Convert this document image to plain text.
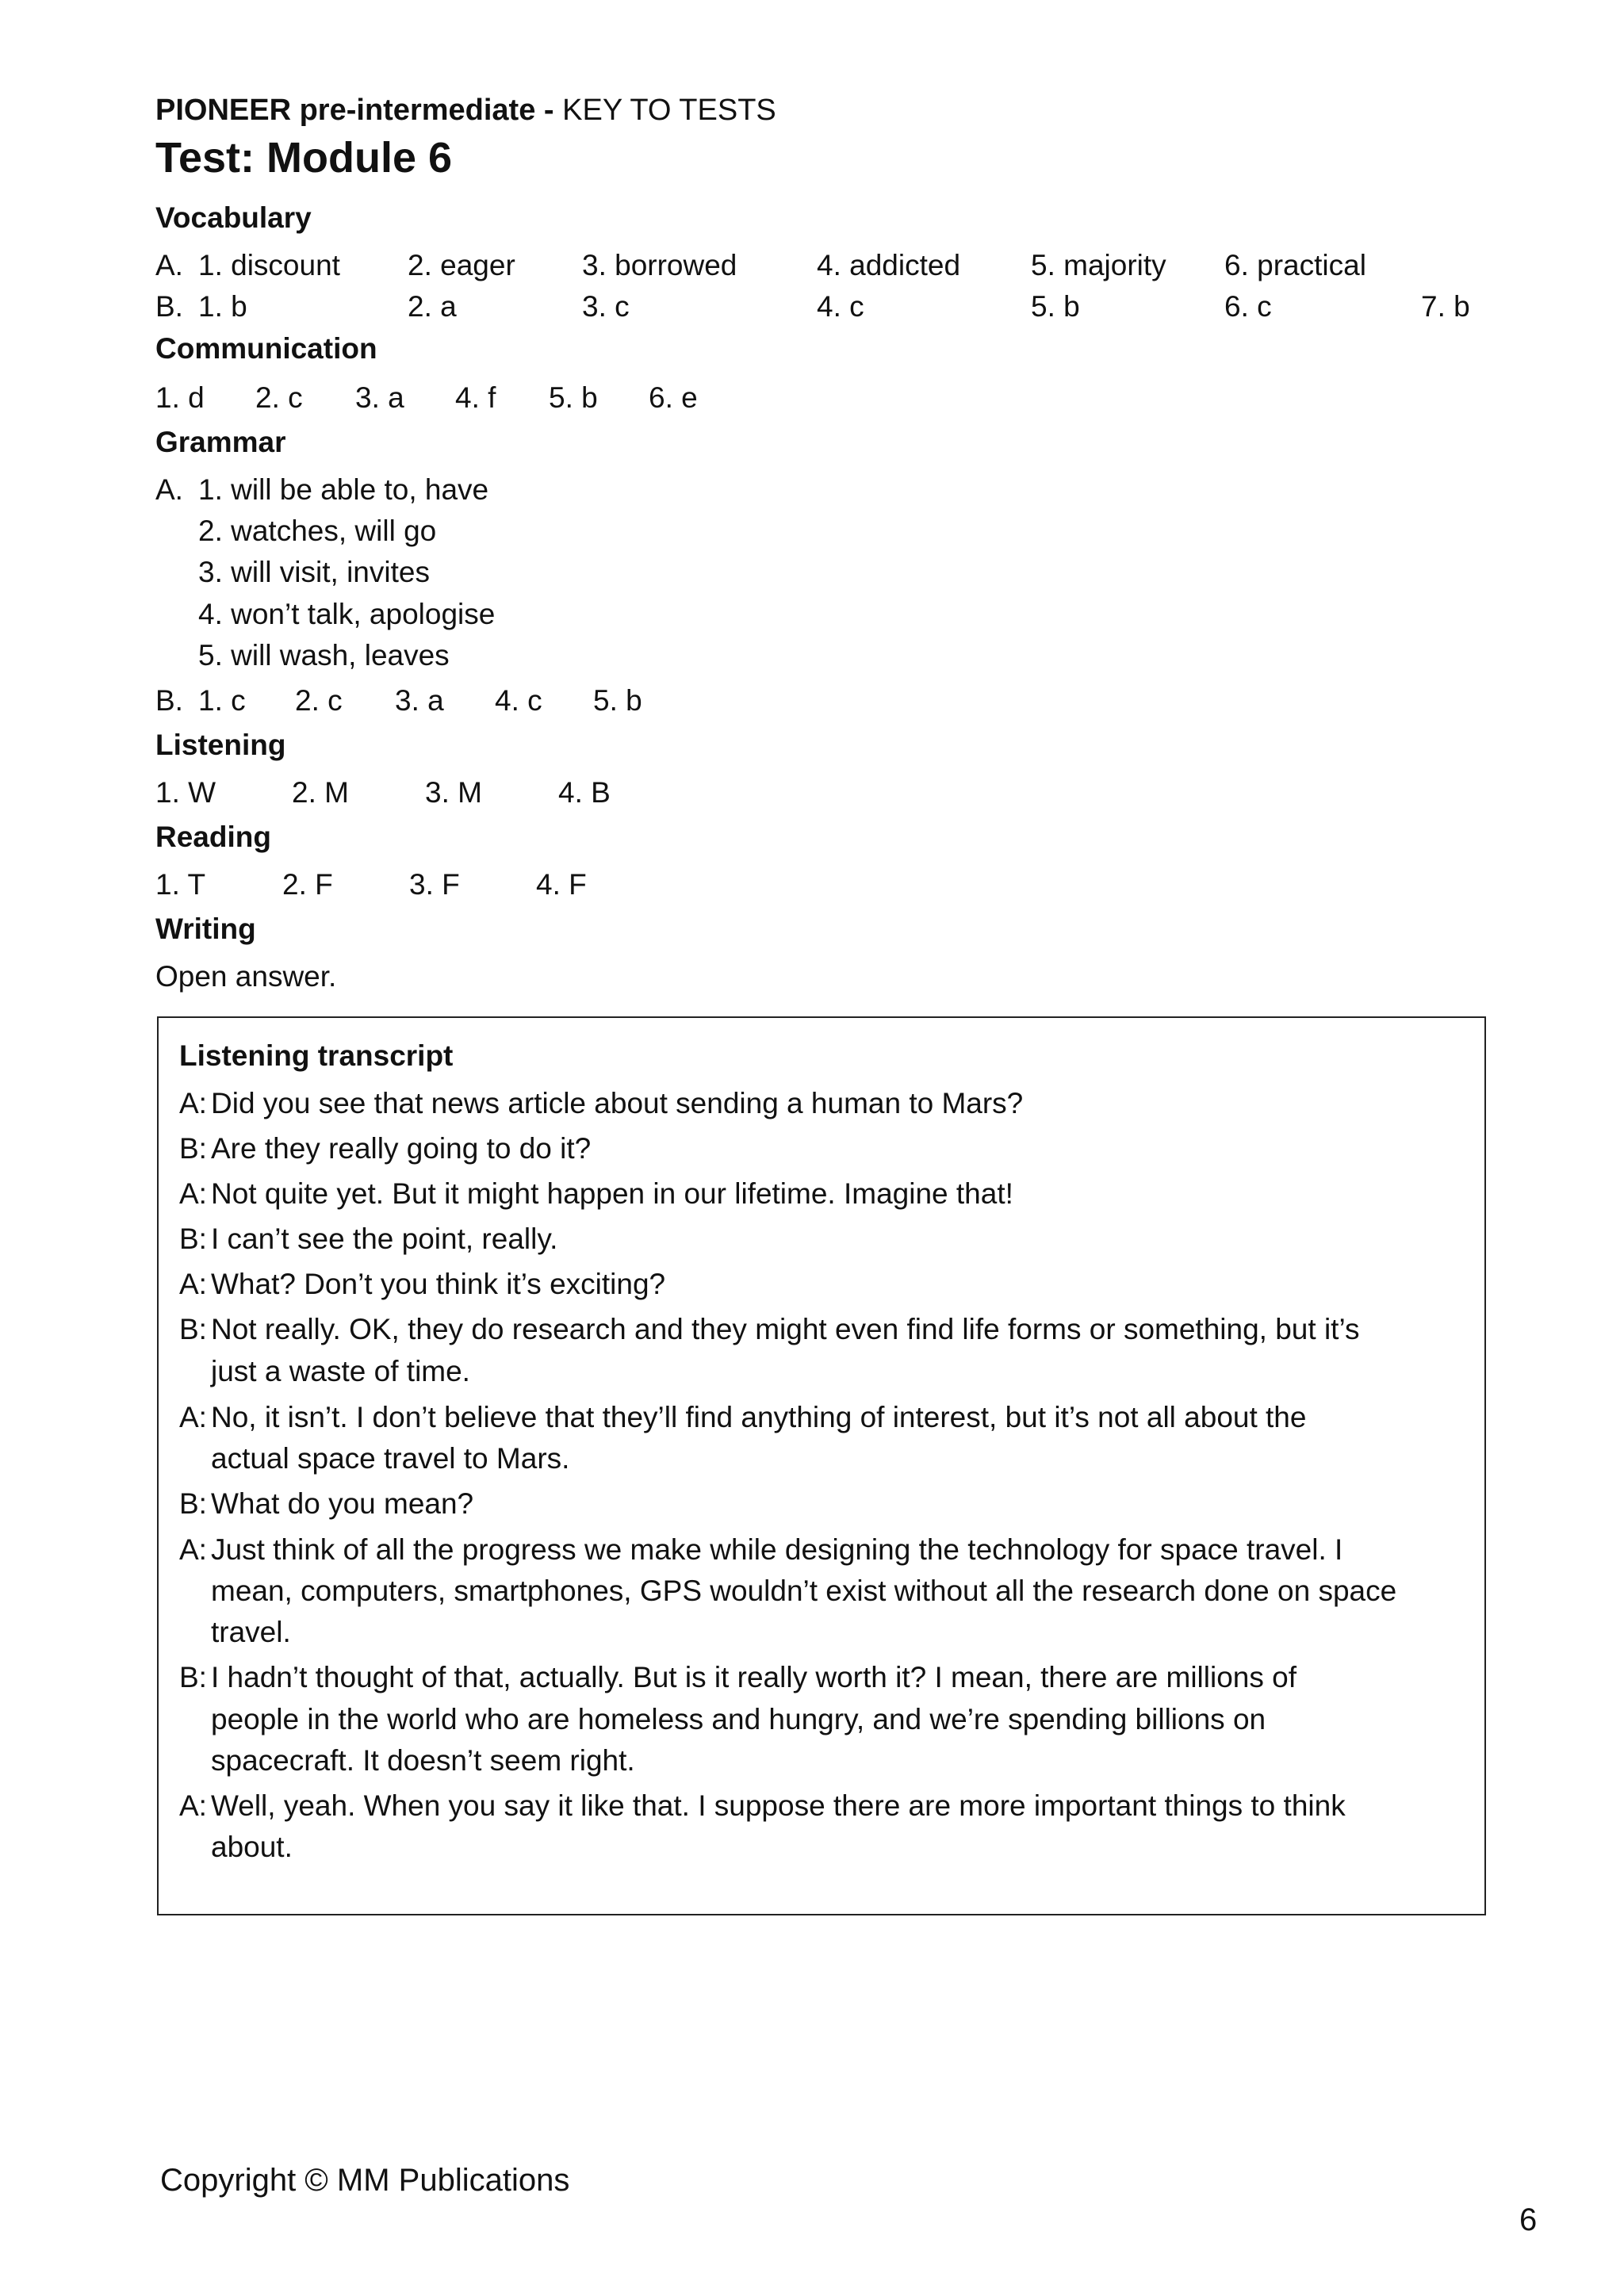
PIONEER pre-intermediate - KEY TO TESTS
Test: Module 6
Vocabulary
A. 1. discount 2. eager 3. borrowed	4. addicted 5. majority 6. practical
B. 1. b	2. a	3. c	4. c	5. b	6. c	7. b
Communication
1. d 2. c 3. a 4. f 5. b 6. e
Grammar
A. 1. will be able to, have
2. watches, will go
3. will visit, invites
4. won’t talk, apologise
5. will wash, leaves
B. 1. c 2. c 3. a 4. c 5. b
Listening
1. W	2. M	3. M	4. B
Reading
1. T	2. F	3. F	4. F
Writing
Open answer.
Listening transcript
A: Did you see that news article about sending a human to Mars?
B: Are they really going to do it?
A: Not quite yet. But it might happen in our lifetime. Imagine that!
B: I can’t see the point, really.
A: What? Don’t you think it’s exciting?
B: Not really. OK, they do research and they might even find life forms or something, but it’s
just a waste of time.
A: No, it isn’t. I don’t believe that they’ll find anything of interest, but it’s not all about the
actual space travel to Mars.
B: What do you mean?
A: Just think of all the progress we make while designing the technology for space travel. I
mean, computers, smartphones, GPS wouldn’t exist without all the research done on space
travel.
B: I hadn’t thought of that, actually. But is it really worth it? I mean, there are millions of
people in the world who are homeless and hungry, and we’re spending billions on
spacecraft. It doesn’t seem right.
A: Well, yeah. When you say it like that. I suppose there are more important things to think
about.
Copyright © MM Publications
6
